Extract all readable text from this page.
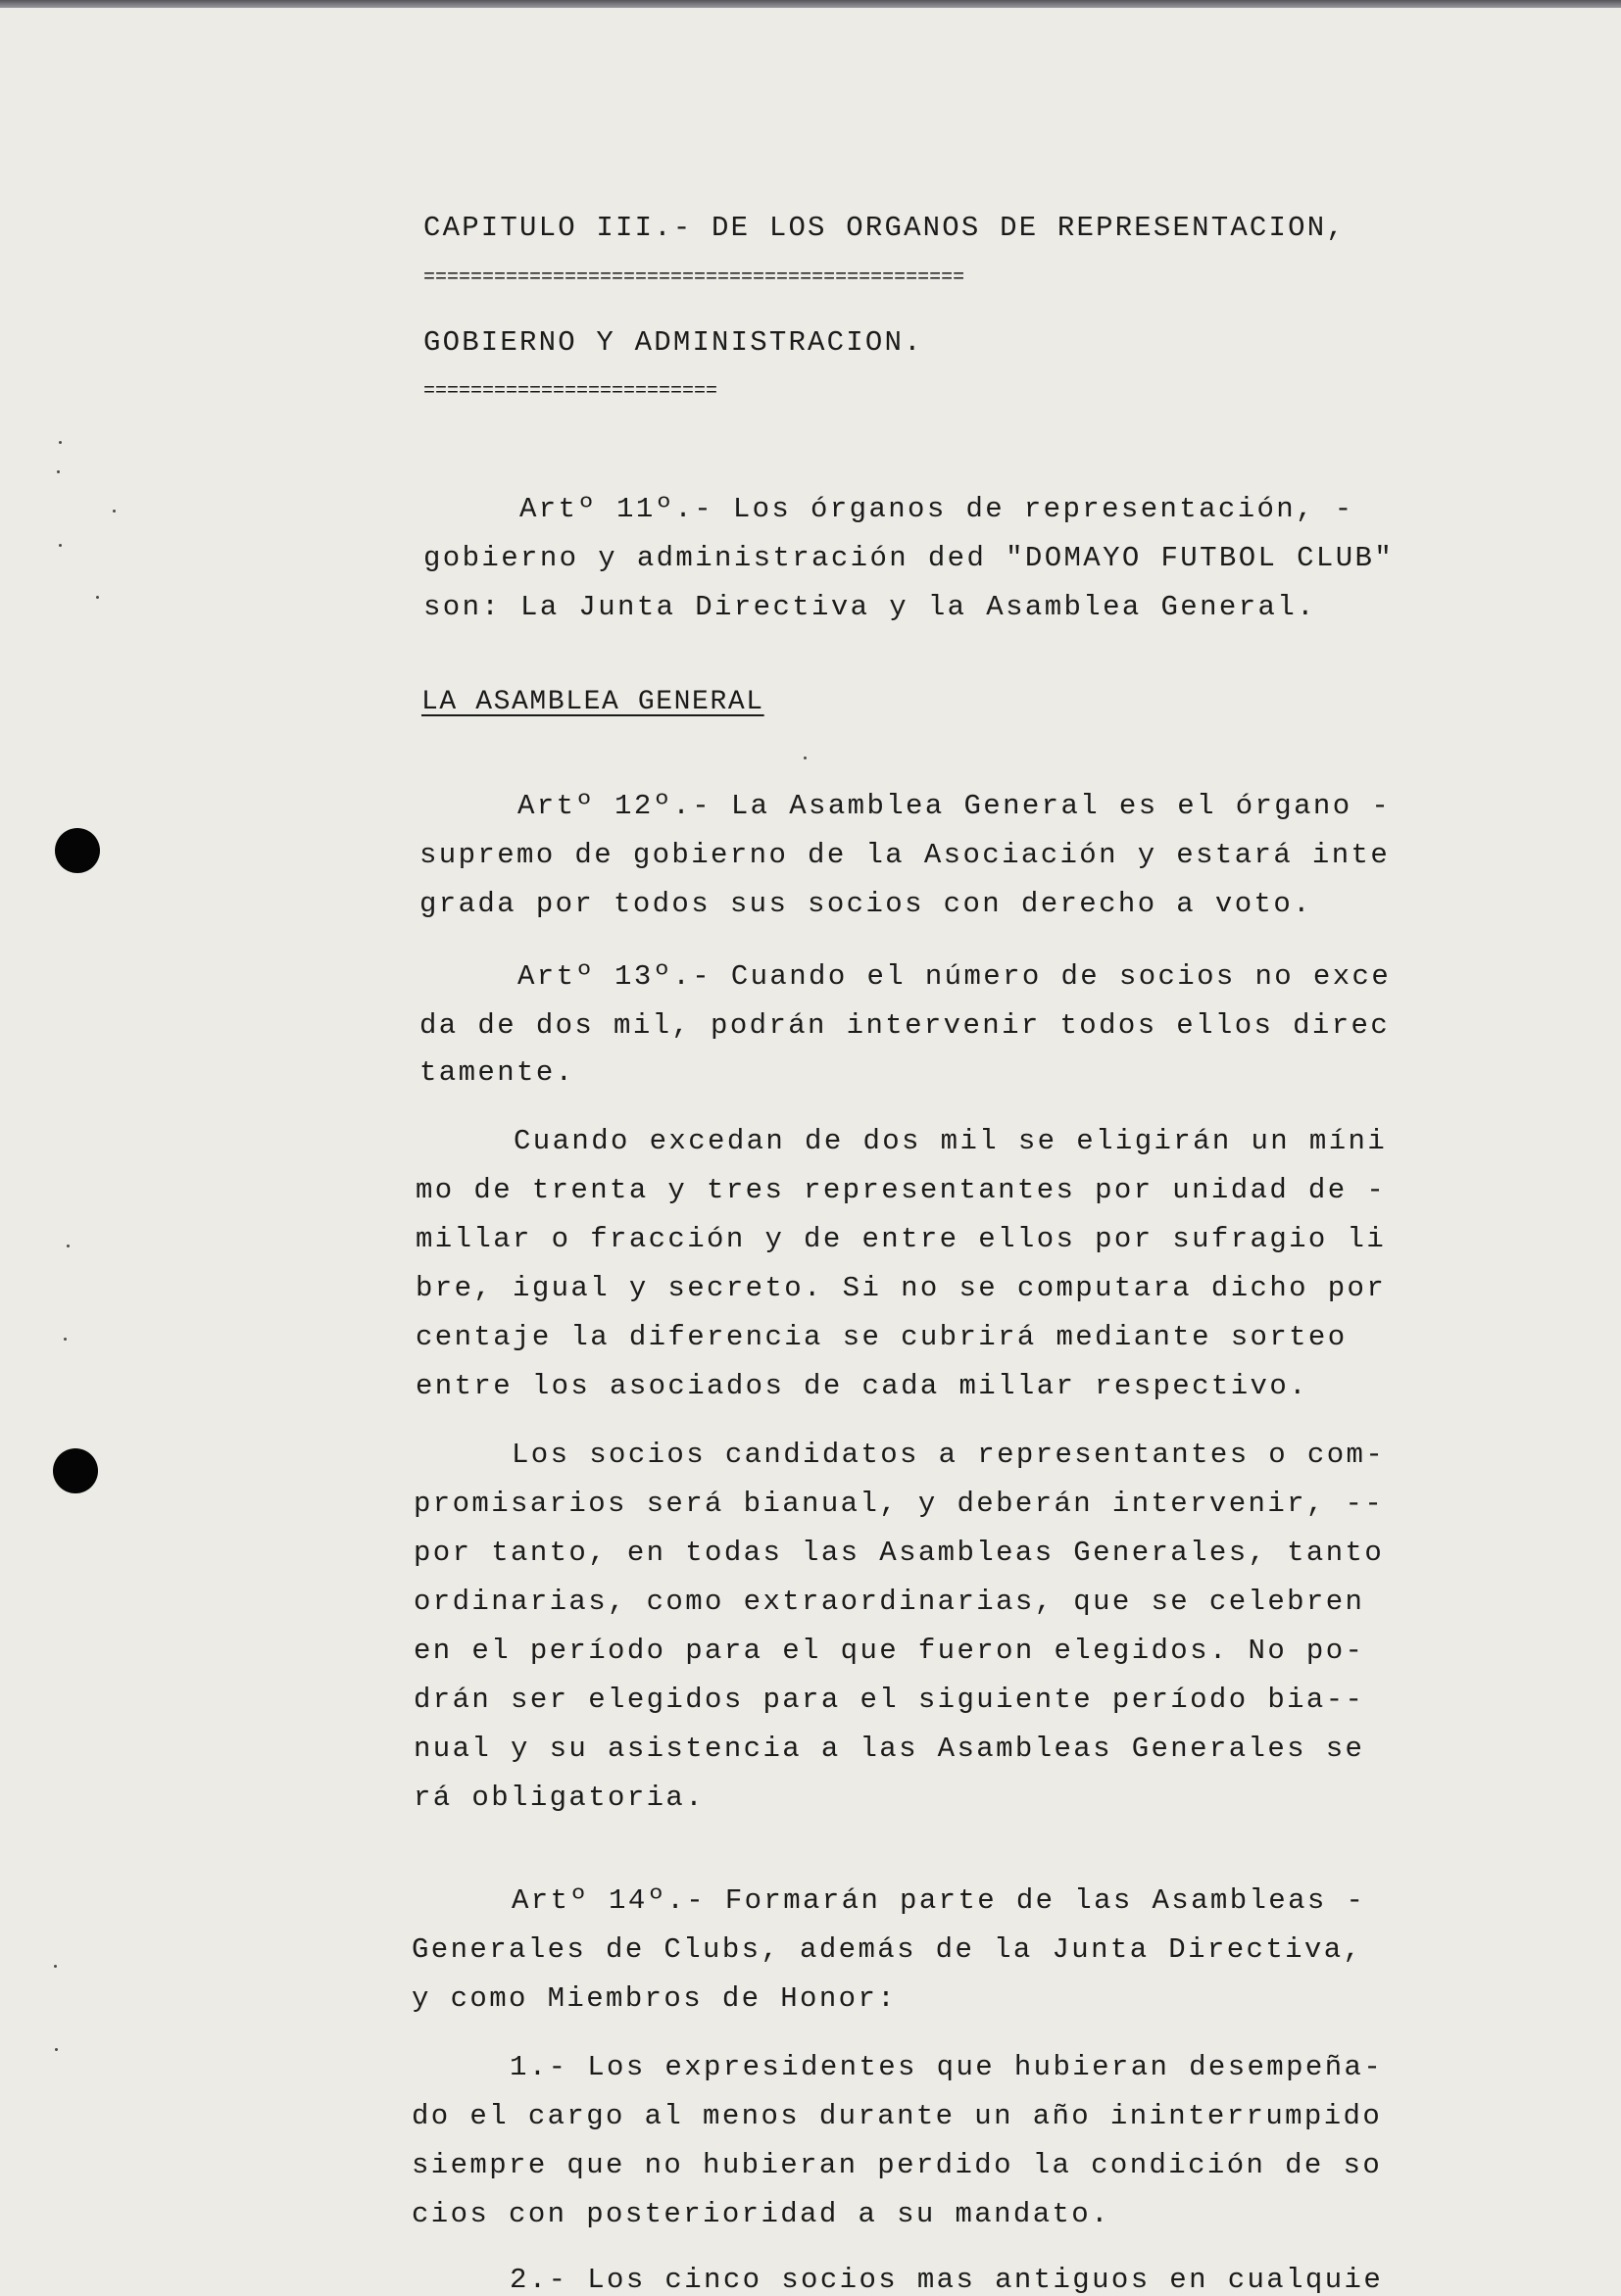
CAPITULO III.- DE LOS ORGANOS DE REPRESENTACION,

==============================================

GOBIERNO Y ADMINISTRACION.

=========================

Artº 11º.- Los órganos de representación, -

gobierno y administración ded "DOMAYO FUTBOL CLUB"

son: La Junta Directiva y la Asamblea General.

LA ASAMBLEA GENERAL

Artº 12º.- La Asamblea General es el órgano -

supremo de gobierno de la Asociación y estará inte

grada por todos sus socios con derecho a voto.

Artº 13º.- Cuando el número de socios no exce

da de dos mil, podrán intervenir todos ellos direc

tamente.

Cuando excedan de dos mil se eligirán un míni

mo de trenta y tres representantes por unidad de -

millar o fracción y de entre ellos por sufragio li

bre, igual y secreto. Si no se computara dicho por

centaje la diferencia se cubrirá mediante sorteo

entre los asociados de cada millar respectivo.

Los socios candidatos a representantes o com-

promisarios será bianual, y deberán intervenir, --

por tanto, en todas las Asambleas Generales, tanto

ordinarias, como extraordinarias, que se celebren

en el período para el que fueron elegidos. No po-

drán ser elegidos para el siguiente período bia--

nual y su asistencia a las Asambleas Generales se

rá obligatoria.

Artº 14º.- Formarán parte de las Asambleas -

Generales de Clubs, además de la Junta Directiva,

y como Miembros de Honor:

1.- Los expresidentes que hubieran desempeña-

do el cargo al menos durante un año ininterrumpido

siempre que no hubieran perdido la condición de so

cios con posterioridad a su mandato.

2.- Los cinco socios mas antiguos en cualquie
